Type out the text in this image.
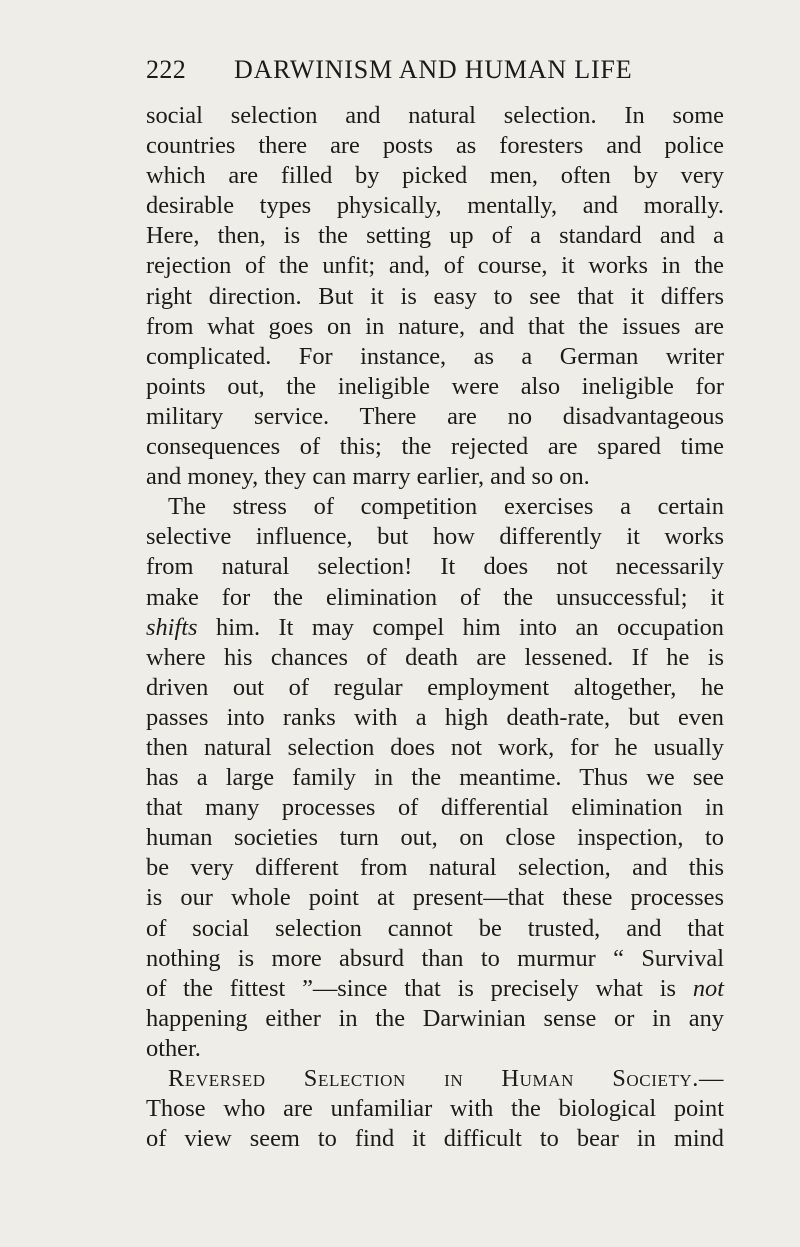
222	DARWINISM AND HUMAN LIFE
social selection and natural selection. In some
countries there are posts as foresters and police
which are filled by picked men, often by very
desirable types physically, mentally, and morally.
Here, then, is the setting up of a standard and a
rejection of the unfit; and, of course, it works in the
right direction. But it is easy to see that it differs
from what goes on in nature, and that the issues are
complicated. For instance, as a German writer
points out, the ineligible were also ineligible for
military service. There are no disadvantageous
consequences of this; the rejected are spared time
and money, they can marry earlier, and so on.
The stress of competition exercises a certain
selective influence, but how differently it works
from natural selection! It does not necessarily
make for the elimination of the unsuccessful; it
shifts him. It may compel him into an occupation
where his chances of death are lessened. If he is
driven out of regular employment altogether, he
passes into ranks with a high death-rate, but even
then natural selection does not work, for he usually
has a large family in the meantime. Thus we see
that many processes of differential elimination in
human societies turn out, on close inspection, to
be very different from natural selection, and this
is our whole point at present—that these processes
of social selection cannot be trusted, and that
nothing is more absurd than to murmur “ Survival
of the fittest ”—since that is precisely what is not
happening either in the Darwinian sense or in any
other.
Reversed Selection in Human Society.—
Those who are unfamiliar with the biological point
of view seem to find it difficult to bear in mind
